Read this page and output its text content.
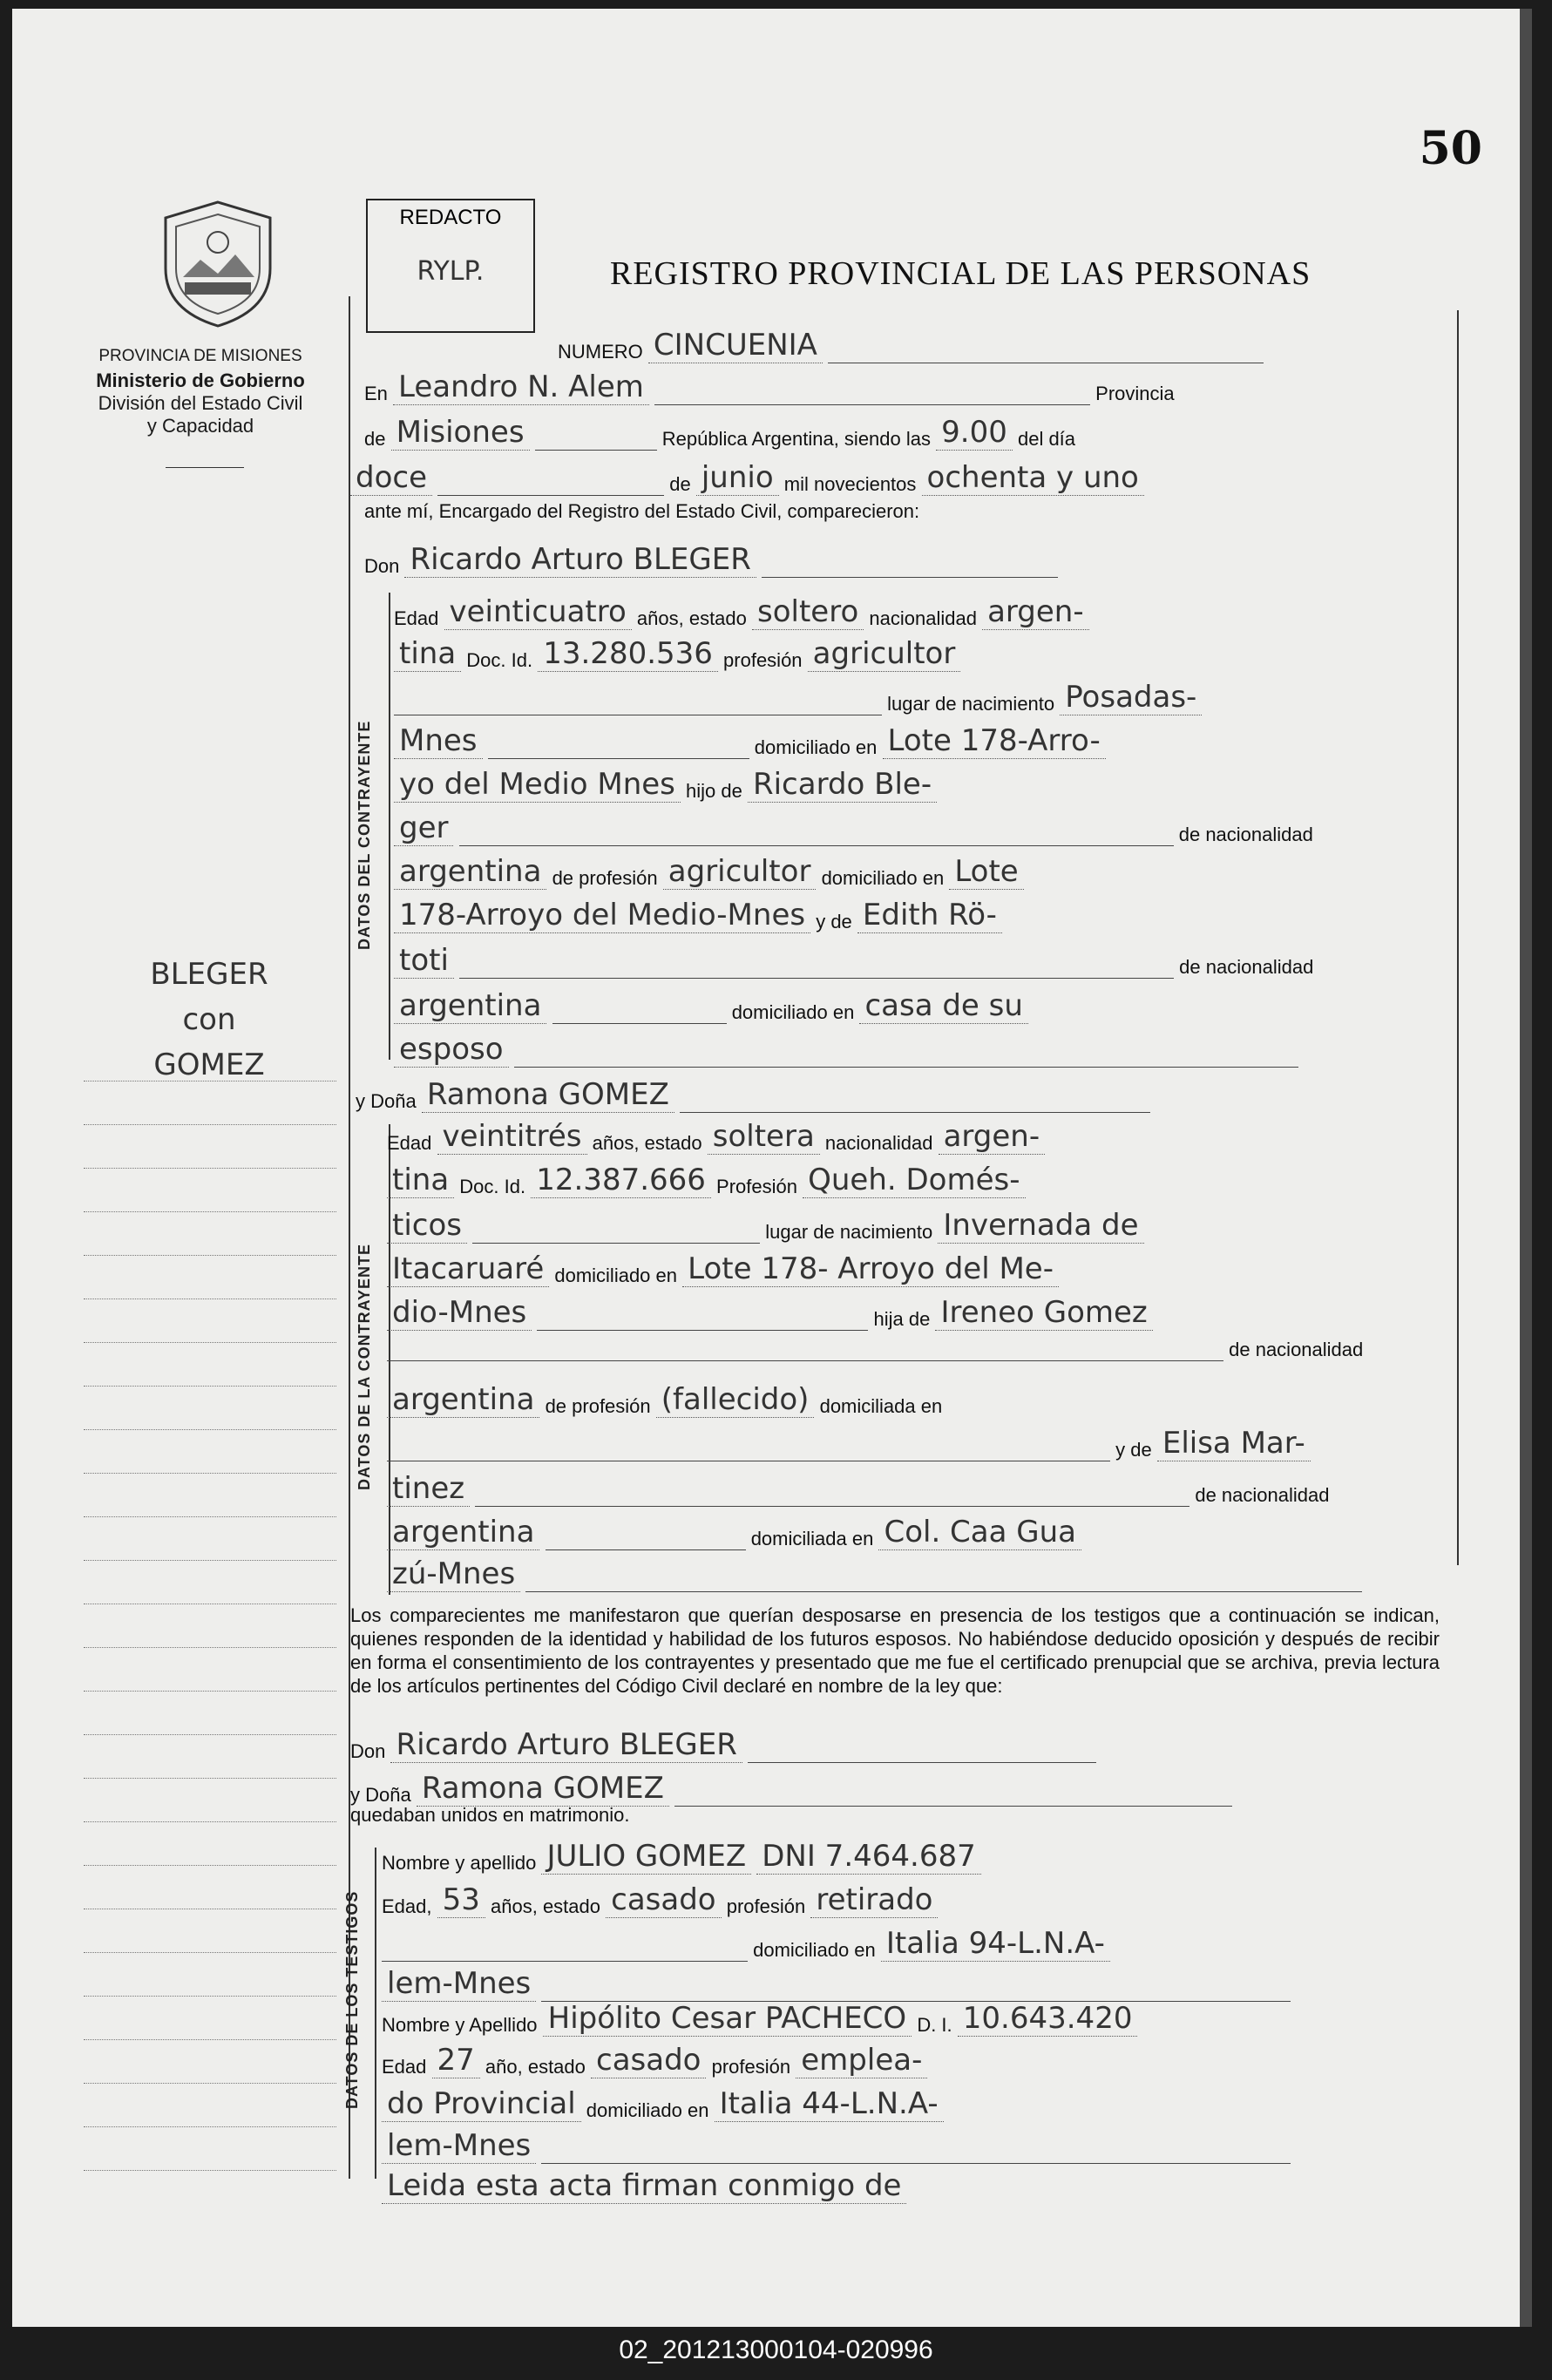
50
PROVINCIA DE MISIONES
Ministerio de Gobierno
División del Estado Civil
y Capacidad
REDACTO
RYLP.	REGISTRO PROVINCIAL DE LAS PERSONAS
BLEGER
con
GOMEZ
NUMERO CINCUENIA
En Leandro N. Alem	Provincia
de Misiones	República Argentina, siendo las 9.00 del día
doce	de junio mil novecientos ochenta y uno
ante mí, Encargado del Registro del Estado Civil, comparecieron:
Don Ricardo Arturo BLEGER
DATOS DEL CONTRAYENTE
Edad veinticuatro años, estado soltero nacionalidad argen-
tina Doc. Id. 13.280.536 profesión agricultor
lugar de nacimiento Posadas-
Mnes	domiciliado en Lote 178-Arro-
yo del Medio Mnes hijo de Ricardo Ble-
ger	de nacionalidad
argentina de profesión agricultor domiciliado en Lote
178-Arroyo del Medio-Mnes y de Edith Rö-
toti	de nacionalidad
argentina	domiciliado en casa de su
esposo
y Doña Ramona GOMEZ
DATOS DE LA CONTRAYENTE
Edad veintitrés años, estado soltera nacionalidad argen-
tina Doc. Id. 12.387.666 Profesión Queh. Domés-
ticos	lugar de nacimiento Invernada de
Itacaruaré domiciliado en Lote 178- Arroyo del Me-
dio-Mnes	hija de Ireneo Gomez
de nacionalidad
argentina de profesión (fallecido) domiciliada en
y de Elisa Mar-
tinez	de nacionalidad
argentina	domiciliada en Col. Caa Gua
zú-Mnes
Los comparecientes me manifestaron que querían desposarse en presencia de los testigos que a continuación se indican, quienes responden de la identidad y habilidad de los futuros esposos. No habiéndose deducido oposición y después de recibir en forma el consentimiento de los contrayentes y presentado que me fue el certificado prenupcial que se archiva, previa lectura de los artículos pertinentes del Código Civil declaré en nombre de la ley que:
Don Ricardo Arturo BLEGER
y Doña Ramona GOMEZ
quedaban unidos en matrimonio.
DATOS DE LOS TESTIGOS
Nombre y apellido JULIO GOMEZ DNI 7.464.687
Edad, 53 años, estado casado profesión retirado
domiciliado en Italia 94-L.N.A-
lem-Mnes
Nombre y Apellido Hipólito Cesar PACHECO D. I. 10.643.420
Edad 27 año, estado casado profesión emplea-
do Provincial domiciliado en Italia 44-L.N.A-
lem-Mnes
Leida esta acta firman conmigo de
02_201213000104-020996
